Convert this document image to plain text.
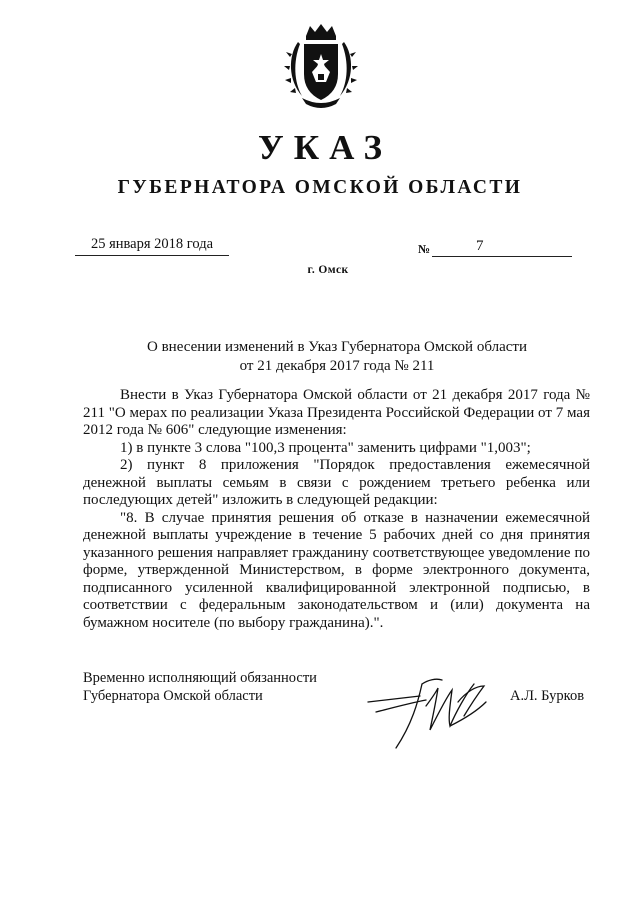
УКАЗ
ГУБЕРНАТОРА ОМСКОЙ ОБЛАСТИ
25 января 2018 года	№	7
г. Омск
О внесении изменений в Указ Губернатора Омской области
от 21 декабря 2017 года № 211

Внести в Указ Губернатора Омской области от 21 декабря 2017 года № 211 "О мерах по реализации Указа Президента Российской Федерации от 7 мая 2012 года № 606" следующие изменения:

1) в пункте 3 слова "100,3 процента" заменить цифрами "1,003";

2) пункт 8 приложения "Порядок предоставления ежемесячной денежной выплаты семьям в связи с рождением третьего ребенка или последующих детей" изложить в следующей редакции:

"8. В случае принятия решения об отказе в назначении ежемесячной денежной выплаты учреждение в течение 5 рабочих дней со дня принятия указанного решения направляет гражданину соответствующее уведомление по форме, утвержденной Министерством, в форме электронного документа, подписанного усиленной квалифицированной электронной подписью, в соответствии с федеральным законодательством и (или) документа на бумажном носителе (по выбору гражданина).".

Временно исполняющий обязанности
Губернатора Омской области	А.Л. Бурков
